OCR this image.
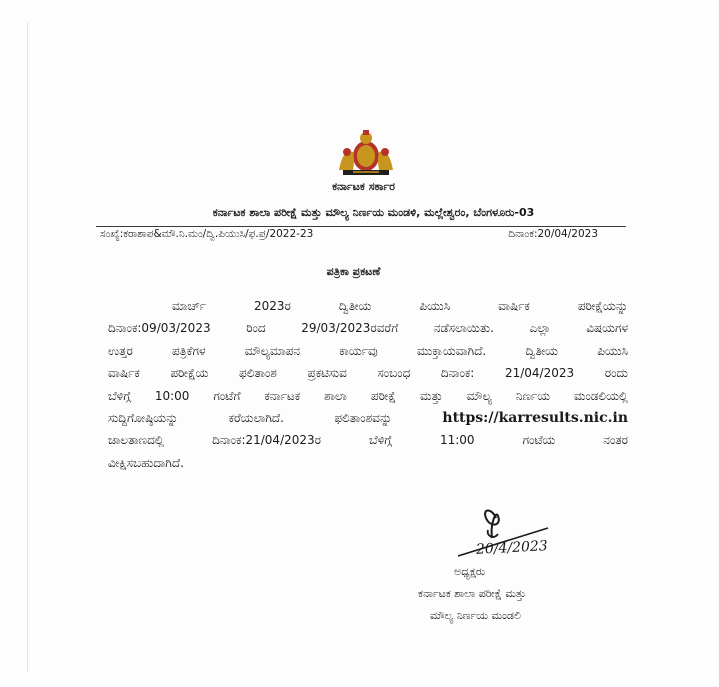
ಕರ್ನಾಟಕ ಸರ್ಕಾರ
ಕರ್ನಾಟಕ ಶಾಲಾ ಪರೀಕ್ಷೆ ಮತ್ತು ಮೌಲ್ಯ ನಿರ್ಣಯ ಮಂಡಳಿ, ಮಲ್ಲೇಶ್ವರಂ, ಬೆಂಗಳೂರು-03
ಸಂಖ್ಯೆ:ಕರಾಶಾಪ&ಮೌ.ನಿ.ಮಂ/ದ್ವಿ.ಪಿಯುಸಿ/ಫ.ಪ್ರ/2022-23	ದಿನಾಂಕ:20/04/2023
ಪತ್ರಿಕಾ ಪ್ರಕಟಣೆ
ಮಾರ್ಚ್ 2023ರ ದ್ವಿತೀಯ ಪಿಯುಸಿ ವಾರ್ಷಿಕ ಪರೀಕ್ಷೆಯನ್ನು
ದಿನಾಂಕ:09/03/2023 ರಿಂದ 29/03/2023ರವರೆಗೆ ನಡೆಸಲಾಯಿತು. ಎಲ್ಲಾ ವಿಷಯಗಳ
ಉತ್ತರ ಪತ್ರಿಕೆಗಳ ಮೌಲ್ಯಮಾಪನ ಕಾರ್ಯವು ಮುಕ್ತಾಯವಾಗಿದೆ. ದ್ವಿತೀಯ ಪಿಯುಸಿ
ವಾರ್ಷಿಕ ಪರೀಕ್ಷೆಯ ಫಲಿತಾಂಶ ಪ್ರಕಟಿಸುವ ಸಂಬಂಧ ದಿನಾಂಕ: 21/04/2023 ರಂದು
ಬೆಳಿಗ್ಗೆ 10:00 ಗಂಟೆಗೆ ಕರ್ನಾಟಕ ಶಾಲಾ ಪರೀಕ್ಷೆ ಮತ್ತು ಮೌಲ್ಯ ನಿರ್ಣಯ ಮಂಡಲಿಯಲ್ಲಿ
ಸುದ್ದಿಗೋಷ್ಠಿಯನ್ನು ಕರೆಯಲಾಗಿದೆ. ಫಲಿತಾಂಶವನ್ನು https://karresults.nic.in
ಜಾಲತಾಣದಲ್ಲಿ ದಿನಾಂಕ:21/04/2023ರ ಬೆಳಿಗ್ಗೆ 11:00 ಗಂಟೆಯ ನಂತರ
ವೀಕ್ಷಿಸಬಹುದಾಗಿದೆ.
20/4/2023
ಅಧ್ಯಕ್ಷರು
ಕರ್ನಾಟಕ ಶಾಲಾ ಪರೀಕ್ಷೆ ಮತ್ತು
ಮೌಲ್ಯ ನಿರ್ಣಯ ಮಂಡಲಿ
